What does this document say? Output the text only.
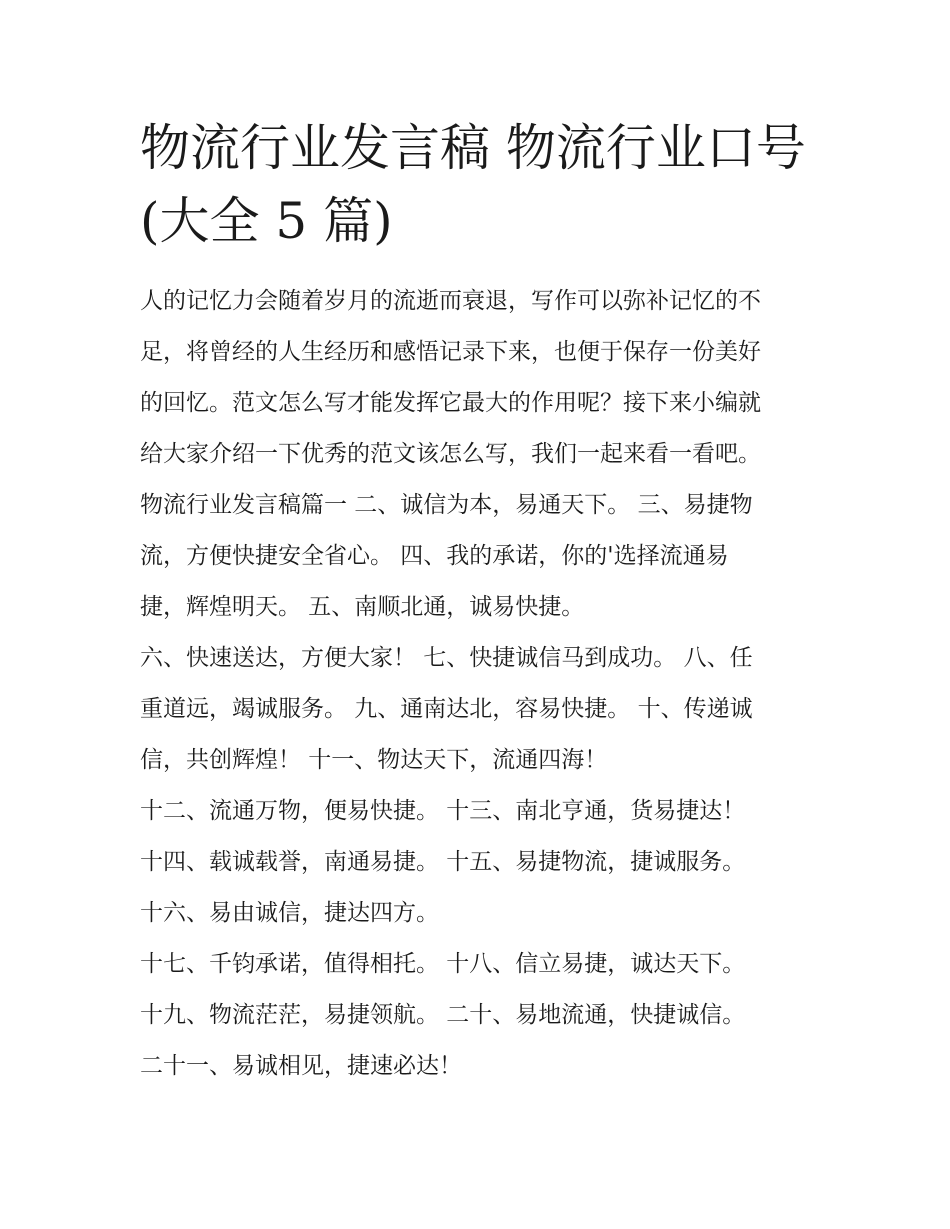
物流行业发言稿 物流行业口号
(大全 5 篇)
人的记忆力会随着岁月的流逝而衰退，写作可以弥补记忆的不
足，将曾经的人生经历和感悟记录下来，也便于保存一份美好
的回忆。范文怎么写才能发挥它最大的作用呢？接下来小编就
给大家介绍一下优秀的范文该怎么写，我们一起来看一看吧。
物流行业发言稿篇一 二、诚信为本，易通天下。 三、易捷物
流，方便快捷安全省心。 四、我的承诺，你的'选择流通易
捷，辉煌明天。 五、南顺北通，诚易快捷。
六、快速送达，方便大家！ 七、快捷诚信马到成功。 八、任
重道远，竭诚服务。 九、通南达北，容易快捷。 十、传递诚
信，共创辉煌！ 十一、物达天下，流通四海！
十二、流通万物，便易快捷。 十三、南北亨通，货易捷达！
十四、载诚载誉，南通易捷。 十五、易捷物流，捷诚服务。
十六、易由诚信，捷达四方。
十七、千钧承诺，值得相托。 十八、信立易捷，诚达天下。
十九、物流茫茫，易捷领航。 二十、易地流通，快捷诚信。
二十一、易诚相见，捷速必达！
